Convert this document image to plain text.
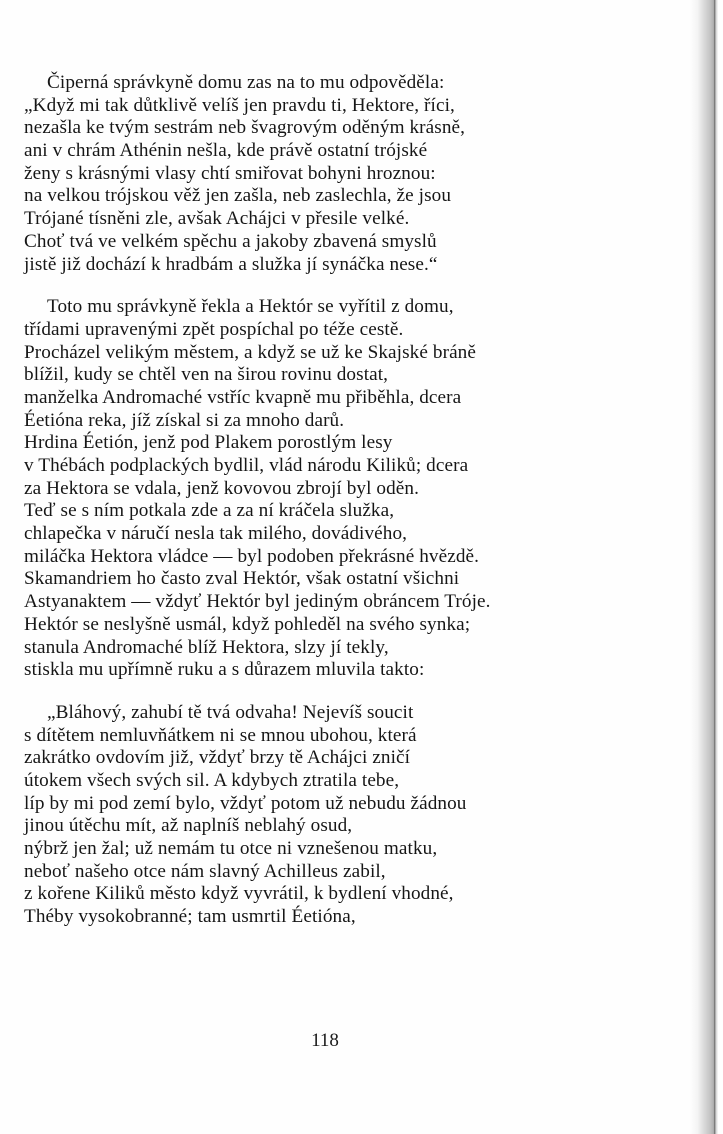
Čiperná správkyně domu zas na to mu odpověděla:
„Když mi tak důtklivě velíš jen pravdu ti, Hektore, říci,
nezašla ke tvým sestrám neb švagrovým oděným krásně,
ani v chrám Athénin nešla, kde právě ostatní trójské
ženy s krásnými vlasy chtí smiřovat bohyni hroznou:
na velkou trójskou věž jen zašla, neb zaslechla, že jsou
Trójané tísněni zle, avšak Achájci v přesile velké.
Choť tvá ve velkém spěchu a jakoby zbavená smyslů
jistě již dochází k hradbám a služka jí synáčka nese.“
Toto mu správkyně řekla a Hektór se vyřítil z domu,
třídami upravenými zpět pospíchal po téže cestě.
Procházel velikým městem, a když se už ke Skajské bráně
blížil, kudy se chtěl ven na širou rovinu dostat,
manželka Andromaché vstříc kvapně mu přiběhla, dcera
Éetióna reka, jíž získal si za mnoho darů.
Hrdina Éetión, jenž pod Plakem porostlým lesy
v Thébách podplackých bydlil, vlád národu Kiliků; dcera
za Hektora se vdala, jenž kovovou zbrojí byl oděn.
Teď se s ním potkala zde a za ní kráčela služka,
chlapečka v náručí nesla tak milého, dovádivého,
miláčka Hektora vládce — byl podoben překrásné hvězdě.
Skamandriem ho často zval Hektór, však ostatní všichni
Astyanaktem — vždyť Hektór byl jediným obráncem Tróje.
Hektór se neslyšně usmál, když pohleděl na svého synka;
stanula Andromaché blíž Hektora, slzy jí tekly,
stiskla mu upřímně ruku a s důrazem mluvila takto:
„Bláhový, zahubí tě tvá odvaha! Nejevíš soucit
s dítětem nemluvňátkem ni se mnou ubohou, která
zakrátko ovdovím již, vždyť brzy tě Achájci zničí
útokem všech svých sil. A kdybych ztratila tebe,
líp by mi pod zemí bylo, vždyť potom už nebudu žádnou
jinou útěchu mít, až naplníš neblahý osud,
nýbrž jen žal; už nemám tu otce ni vznešenou matku,
neboť našeho otce nám slavný Achilleus zabil,
z kořene Kiliků město když vyvrátil, k bydlení vhodné,
Théby vysokobranné; tam usmrtil Éetióna,
118
